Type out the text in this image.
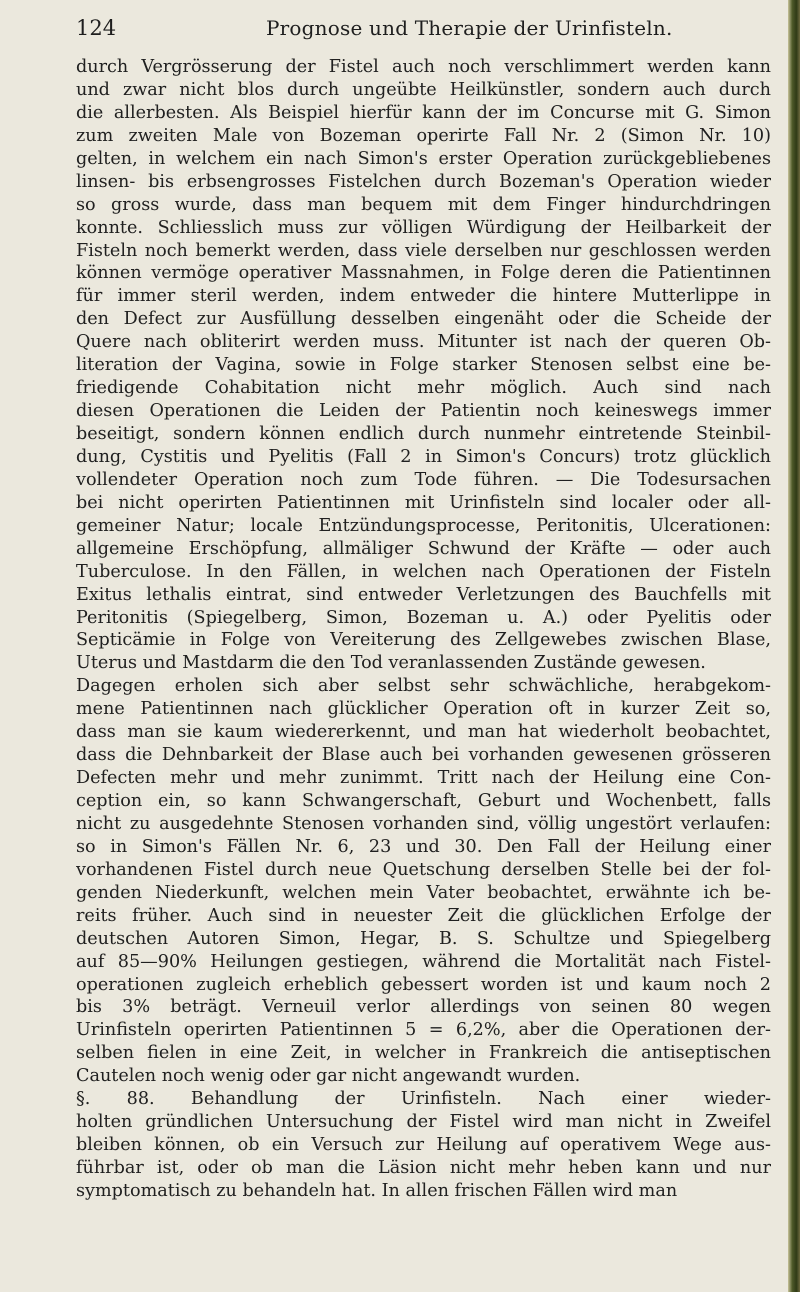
124	Prognose und Therapie der Urinfisteln.
durch Vergrösserung der Fistel auch noch verschlimmert werden kann
und zwar nicht blos durch ungeübte Heilkünstler, sondern auch durch
die allerbesten. Als Beispiel hierfür kann der im Concurse mit G. Simon
zum zweiten Male von Bozeman operirte Fall Nr. 2 (Simon Nr. 10)
gelten, in welchem ein nach Simon's erster Operation zurückgebliebenes
linsen- bis erbsengrosses Fistelchen durch Bozeman's Operation wieder
so gross wurde, dass man bequem mit dem Finger hindurchdringen
konnte. Schliesslich muss zur völligen Würdigung der Heilbarkeit der
Fisteln noch bemerkt werden, dass viele derselben nur geschlossen werden
können vermöge operativer Massnahmen, in Folge deren die Patientinnen
für immer steril werden, indem entweder die hintere Mutterlippe in
den Defect zur Ausfüllung desselben eingenäht oder die Scheide der
Quere nach obliterirt werden muss. Mitunter ist nach der queren Ob-
literation der Vagina, sowie in Folge starker Stenosen selbst eine be-
friedigende Cohabitation nicht mehr möglich. Auch sind nach
diesen Operationen die Leiden der Patientin noch keineswegs immer
beseitigt, sondern können endlich durch nunmehr eintretende Steinbil-
dung, Cystitis und Pyelitis (Fall 2 in Simon's Concurs) trotz glücklich
vollendeter Operation noch zum Tode führen. — Die Todesursachen
bei nicht operirten Patientinnen mit Urinfisteln sind localer oder all-
gemeiner Natur; locale Entzündungsprocesse, Peritonitis, Ulcerationen:
allgemeine Erschöpfung, allmäliger Schwund der Kräfte — oder auch
Tuberculose. In den Fällen, in welchen nach Operationen der Fisteln
Exitus lethalis eintrat, sind entweder Verletzungen des Bauchfells mit
Peritonitis (Spiegelberg, Simon, Bozeman u. A.) oder Pyelitis oder
Septicämie in Folge von Vereiterung des Zellgewebes zwischen Blase,
Uterus und Mastdarm die den Tod veranlassenden Zustände gewesen.
Dagegen erholen sich aber selbst sehr schwächliche, herabgekom-
mene Patientinnen nach glücklicher Operation oft in kurzer Zeit so,
dass man sie kaum wiedererkennt, und man hat wiederholt beobachtet,
dass die Dehnbarkeit der Blase auch bei vorhanden gewesenen grösseren
Defecten mehr und mehr zunimmt. Tritt nach der Heilung eine Con-
ception ein, so kann Schwangerschaft, Geburt und Wochenbett, falls
nicht zu ausgedehnte Stenosen vorhanden sind, völlig ungestört verlaufen:
so in Simon's Fällen Nr. 6, 23 und 30. Den Fall der Heilung einer
vorhandenen Fistel durch neue Quetschung derselben Stelle bei der fol-
genden Niederkunft, welchen mein Vater beobachtet, erwähnte ich be-
reits früher. Auch sind in neuester Zeit die glücklichen Erfolge der
deutschen Autoren Simon, Hegar, B. S. Schultze und Spiegelberg
auf 85—90% Heilungen gestiegen, während die Mortalität nach Fistel-
operationen zugleich erheblich gebessert worden ist und kaum noch 2
bis 3% beträgt. Verneuil verlor allerdings von seinen 80 wegen
Urinfisteln operirten Patientinnen 5 = 6,2%, aber die Operationen der-
selben fielen in eine Zeit, in welcher in Frankreich die antiseptischen
Cautelen noch wenig oder gar nicht angewandt wurden.
§. 88. Behandlung der Urinfisteln. Nach einer wieder-
holten gründlichen Untersuchung der Fistel wird man nicht in Zweifel
bleiben können, ob ein Versuch zur Heilung auf operativem Wege aus-
führbar ist, oder ob man die Läsion nicht mehr heben kann und nur
symptomatisch zu behandeln hat. In allen frischen Fällen wird man
